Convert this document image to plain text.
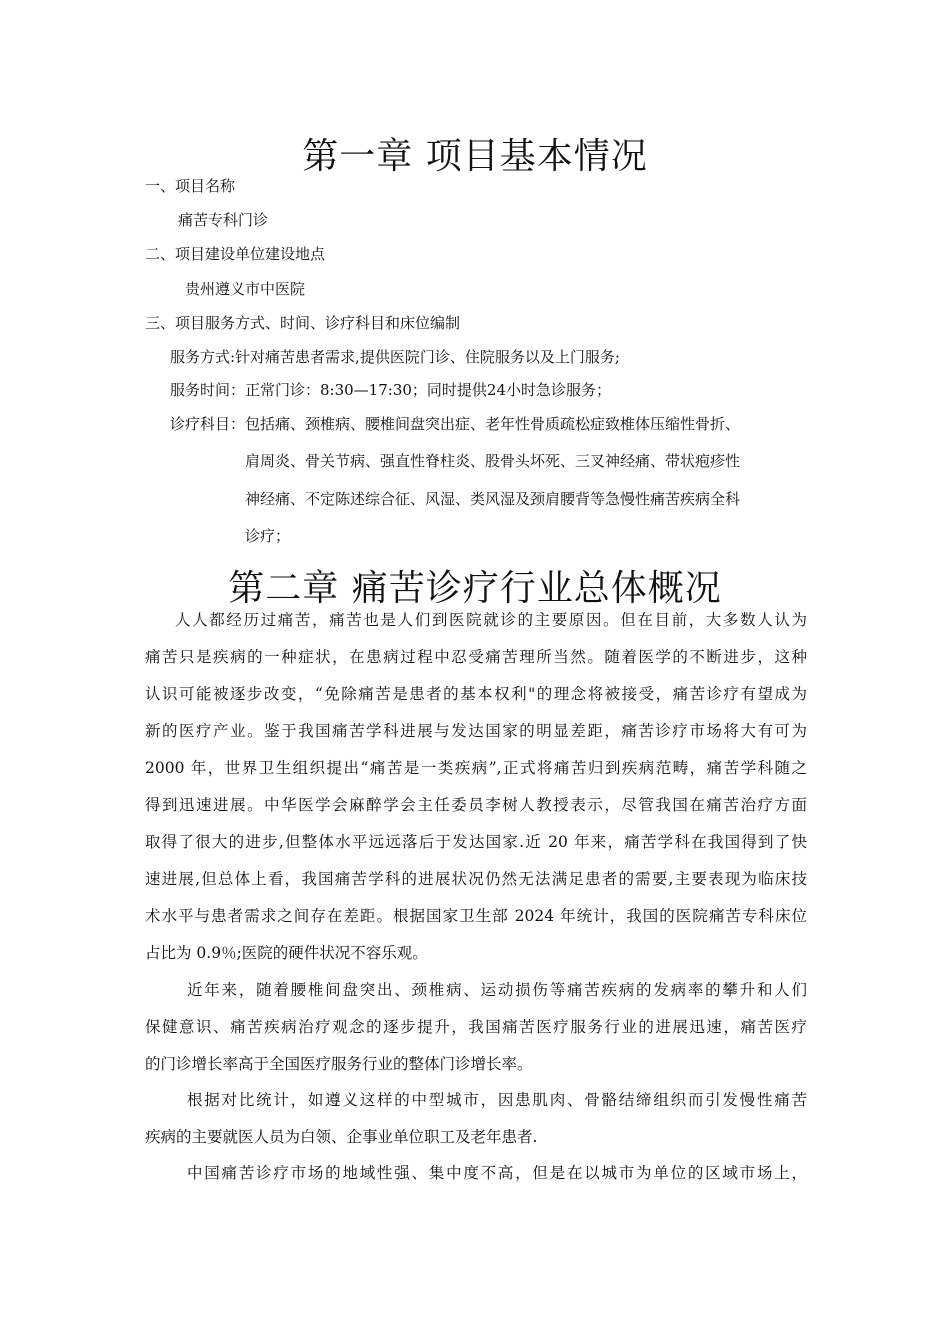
第一章 项目基本情况
一、项目名称
痛苦专科门诊
二、项目建设单位建设地点
贵州遵义市中医院
三、项目服务方式、时间、诊疗科目和床位编制
服务方式:针对痛苦患者需求,提供医院门诊、住院服务以及上门服务;
服务时间：正常门诊：8:30—17:30；同时提供24小时急诊服务；
诊疗科目： 包括痛、颈椎病、腰椎间盘突出症、老年性骨质疏松症致椎体压缩性骨折、
肩周炎、骨关节病、强直性脊柱炎、股骨头坏死、三叉神经痛、带状疱疹性
神经痛、不定陈述综合征、风湿、类风湿及颈肩腰背等急慢性痛苦疾病全科
诊疗；
第二章 痛苦诊疗行业总体概况
人人都经历过痛苦，痛苦也是人们到医院就诊的主要原因。但在目前，大多数人认为
痛苦只是疾病的一种症状，在患病过程中忍受痛苦理所当然。随着医学的不断进步，这种
认识可能被逐步改变，“免除痛苦是患者的基本权利"的理念将被接受，痛苦诊疗有望成为
新的医疗产业。鉴于我国痛苦学科进展与发达国家的明显差距，痛苦诊疗市场将大有可为
2000 年，世界卫生组织提出“痛苦是一类疾病”,正式将痛苦归到疾病范畴，痛苦学科随之
得到迅速进展。中华医学会麻醉学会主任委员李树人教授表示，尽管我国在痛苦治疗方面
取得了很大的进步,但整体水平远远落后于发达国家.近 20 年来，痛苦学科在我国得到了快
速进展,但总体上看，我国痛苦学科的进展状况仍然无法满足患者的需要,主要表现为临床技
术水平与患者需求之间存在差距。根据国家卫生部 2024 年统计，我国的医院痛苦专科床位
占比为 0.9％;医院的硬件状况不容乐观。
近年来，随着腰椎间盘突出、颈椎病、运动损伤等痛苦疾病的发病率的攀升和人们
保健意识、痛苦疾病治疗观念的逐步提升，我国痛苦医疗服务行业的进展迅速，痛苦医疗
的门诊增长率高于全国医疗服务行业的整体门诊增长率。
根据对比统计，如遵义这样的中型城市，因患肌肉、骨骼结缔组织而引发慢性痛苦
疾病的主要就医人员为白领、企事业单位职工及老年患者.
中国痛苦诊疗市场的地域性强、集中度不高，但是在以城市为单位的区域市场上，
